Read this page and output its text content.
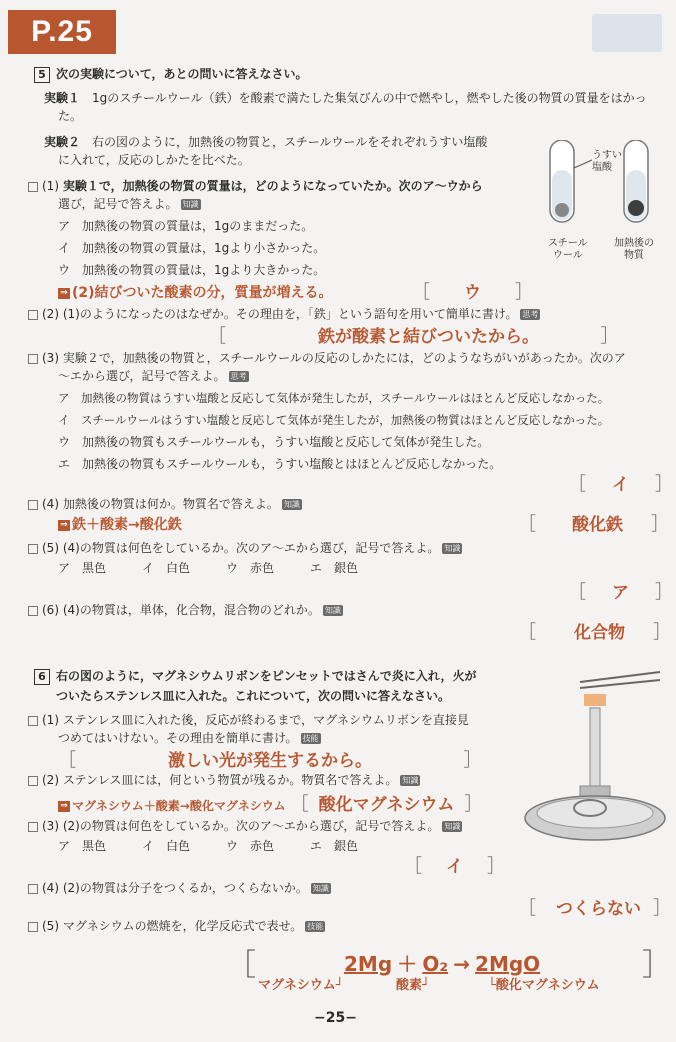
P.25
5 次の実験について，あとの問いに答えなさい。
実験１　 1gのスチールウール（鉄）を酸素で満たした集気びんの中で燃やし，燃やした後の物質の質量をはかっ
た。
実験２　 右の図のように，加熱後の物質と，スチールウールをそれぞれうすい塩酸
に入れて，反応のしかたを比べた。	うすい
塩酸
スチール
ウール
加熱後の
物質
(1) 実験１で，加熱後の物質の質量は，どのようになっていたか。次のア〜ウから
選び，記号で答えよ。 知識
ア　加熱後の物質の質量は，1gのままだった。
イ　加熱後の物質の質量は，1gより小さかった。
ウ　加熱後の物質の質量は，1gより大きかった。
⇒ (2)結びついた酸素の分，質量が増える。	［ ウ ］
(2) (1)のようになったのはなぜか。その理由を，「鉄」という語句を用いて簡単に書け。 思考
［	鉄が酸素と結びついたから。	］
(3) 実験２で，加熱後の物質と，スチールウールの反応のしかたには，どのようなちがいがあったか。次のア
〜エから選び，記号で答えよ。 思考
ア　加熱後の物質はうすい塩酸と反応して気体が発生したが，スチールウールはほとんど反応しなかった。
イ　スチールウールはうすい塩酸と反応して気体が発生したが，加熱後の物質はほとんど反応しなかった。
ウ　加熱後の物質もスチールウールも，うすい塩酸と反応して気体が発生した。
エ　加熱後の物質もスチールウールも，うすい塩酸とはほとんど反応しなかった。
［ イ ］
(4) 加熱後の物質は何か。物質名で答えよ。 知識
⇒ 鉄＋酸素→酸化鉄	［ 酸化鉄 ］
(5) (4)の物質は何色をしているか。次のア〜エから選び，記号で答えよ。 知識
ア　黒色　　　イ　白色　　　ウ　赤色　　　エ　銀色
［ ア ］
(6) (4)の物質は，単体，化合物，混合物のどれか。 知識
［ 化合物 ］
6 右の図のように，マグネシウムリボンをピンセットではさんで炎に入れ，火が
ついたらステンレス皿に入れた。これについて，次の問いに答えなさい。
(1) ステンレス皿に入れた後，反応が終わるまで，マグネシウムリボンを直接見
つめてはいけない。その理由を簡単に書け。 技能
［	激しい光が発生するから。	］
(2) ステンレス皿には，何という物質が残るか。物質名で答えよ。 知識
⇒ マグネシウム＋酸素→酸化マグネシウム ［ 酸化マグネシウム ］
(3) (2)の物質は何色をしているか。次のア〜エから選び，記号で答えよ。 知識
ア　黒色　　　イ　白色　　　ウ　赤色　　　エ　銀色
［ イ ］
(4) (2)の物質は分子をつくるか，つくらないか。 知識
［ つくらない ］
(5) マグネシウムの燃焼を，化学反応式で表せ。 技能
［	2Mg ＋ O₂ → 2MgO	］
マグネシウム┘	酸素┘	└酸化マグネシウム
−25−
